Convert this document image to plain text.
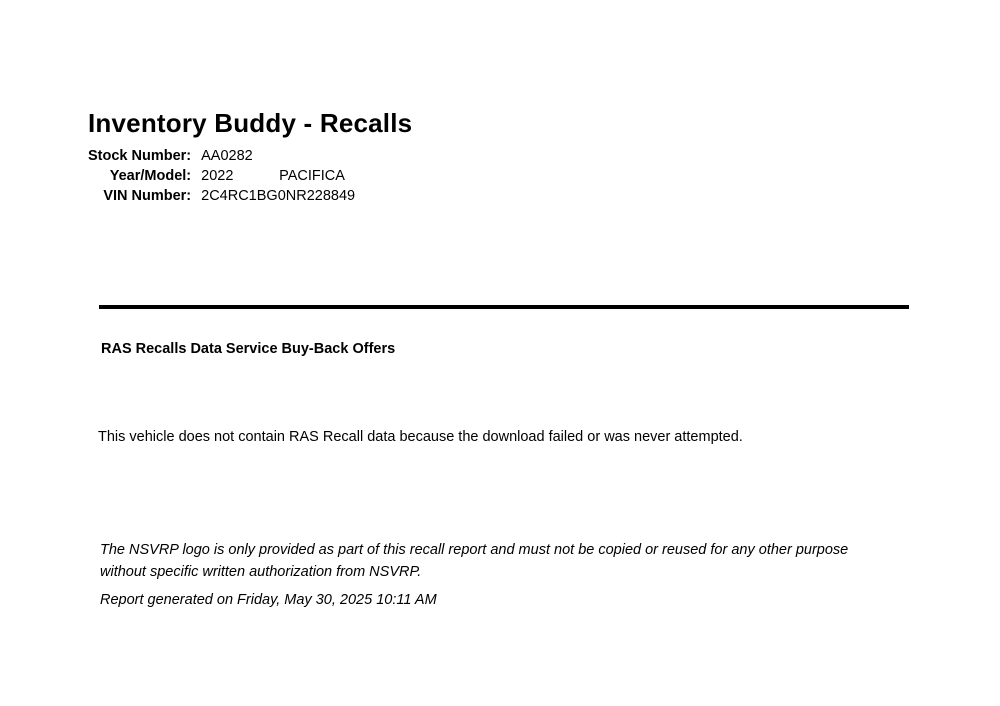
Inventory Buddy - Recalls
Stock Number:	AA0282
Year/Model:	2022 PACIFICA
VIN Number:	2C4RC1BG0NR228849
RAS Recalls Data Service Buy-Back Offers
This vehicle does not contain RAS Recall data because the download failed or was never attempted.
The NSVRP logo is only provided as part of this recall report and must not be copied or reused for any other purpose without specific written authorization from NSVRP.
Report generated on Friday, May 30, 2025 10:11 AM
